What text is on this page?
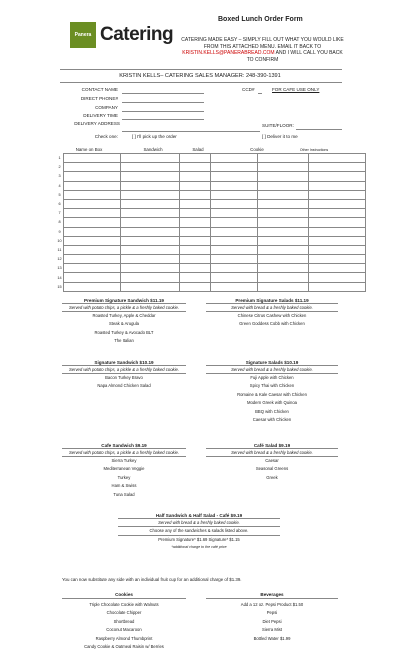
Panera BREAD
Catering
Boxed Lunch Order Form
CATERING MADE EASY – SIMPLY FILL OUT WHAT YOU WOULD LIKE FROM THIS ATTACHED MENU. EMAIL IT BACK TO KRISTIN.KELLS@PANERABREAD.COM AND I WILL CALL YOU BACK TO CONFIRM
KRISTIN KELLS– CATERING SALES MANAGER: 248-390-1391
CONTACT NAME
DIRECT PHONE#
COMPANY
DELIVERY TIME
DELIVERY ADDRESS
Check one:	[ ] I'll pick up the order	[ ] Deliver it to me
CCD#	FOR CAFE USE ONLY
SUITE/FLOOR:
Name on Box	Sandwich	Salad	Cookie	Other Instructions
1						
2						
3						
4						
5						
6						
7						
8						
9						
10						
11						
12						
13						
14						
15						
Premium Signature Sandwich $11.19
Served with potato chips, a pickle & a freshly baked cookie.
Roasted Turkey, Apple & Cheddar
Steak & Arugula
Roasted Turkey & Avocado BLT
The Italian
Premium Signature Salads $11.19
Served with bread & a freshly baked cookie.
Chinese Citrus Cashew with Chicken
Green Goddess Cobb with Chicken
Signature Sandwich $10.19
Served with potato chips, a pickle & a freshly baked cookie.
Bacon Turkey Bravo
Napa Almond Chicken Salad
Signature Salads $10.19
Served with bread & a freshly baked cookie.
Fuji Apple with Chicken
Spicy Thai with Chicken
Romaine & Kale Caesar with Chicken
Modern Greek with Quinoa
BBQ with Chicken
Caesar with Chicken
Cafe Sandwich $9.19
Served with potato chips, a pickle & a freshly baked cookie.
Sierra Turkey
Mediterranean Veggie
Turkey
Ham & Swiss
Tuna Salad
Café Salad $9.19
Served with bread & a freshly baked cookie.
Caesar
Seasonal Greens
Greek
Half Sandwich & Half Salad - Café $9.19
Served with bread & a freshly baked cookie.
Choose any of the sandwiches & salads listed above.
Premium Signature* $1.69 Signature* $1.15
*additional charge to the café price
You can now substitute any side with an individual fruit cup for an additional charge of $1.39.
Cookies
Triple Chocolate Cookie with Walnuts
Chocolate Chipper
Shortbread
Coconut Macaroon
Raspberry Almond Thumbprint
Candy Cookie & Oatmeal Raisin w/ Berries
Beverages
Add a 12 oz. Pepsi Product $1.50
Pepsi
Diet Pepsi
Sierra Mist
Bottled Water $1.99
